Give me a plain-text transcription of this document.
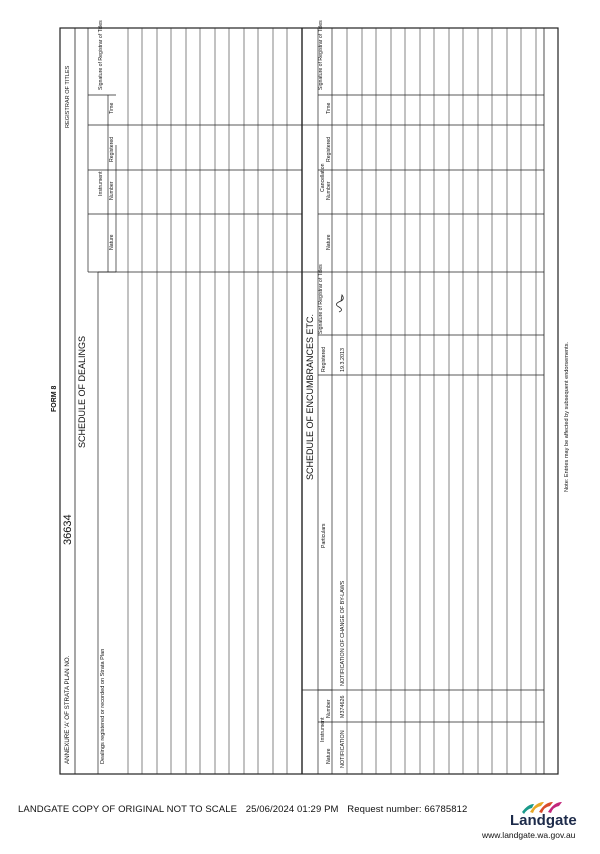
ANNEXURE 'A' OF STRATA PLAN NO.
36634
REGISTRAR OF TITLES
FORM 8 SCHEDULE OF DEALINGS
Dealings registered or recorded on Strata Plan
Instrument
Nature
Number
Registered
Time
Signature of Registrar of Titles
SCHEDULE OF ENCUMBRANCES ETC.
Instrument
Nature
Number
Particulars
Registered
Signature of Registrar of Titles
Cancellation
Nature
Number
Registered
Time
Signature of Registrar of Titles
NOTIFICATION
M374626
NOTIFICATION OF CHANGE OF BY-LAWS
19.3.2013	Note: Entries may be affected by subsequent endorsements.
LANDGATE COPY OF ORIGINAL NOT TO SCALE 25/06/2024 01:29 PM Request number: 66785812
Landgate
www.landgate.wa.gov.au
